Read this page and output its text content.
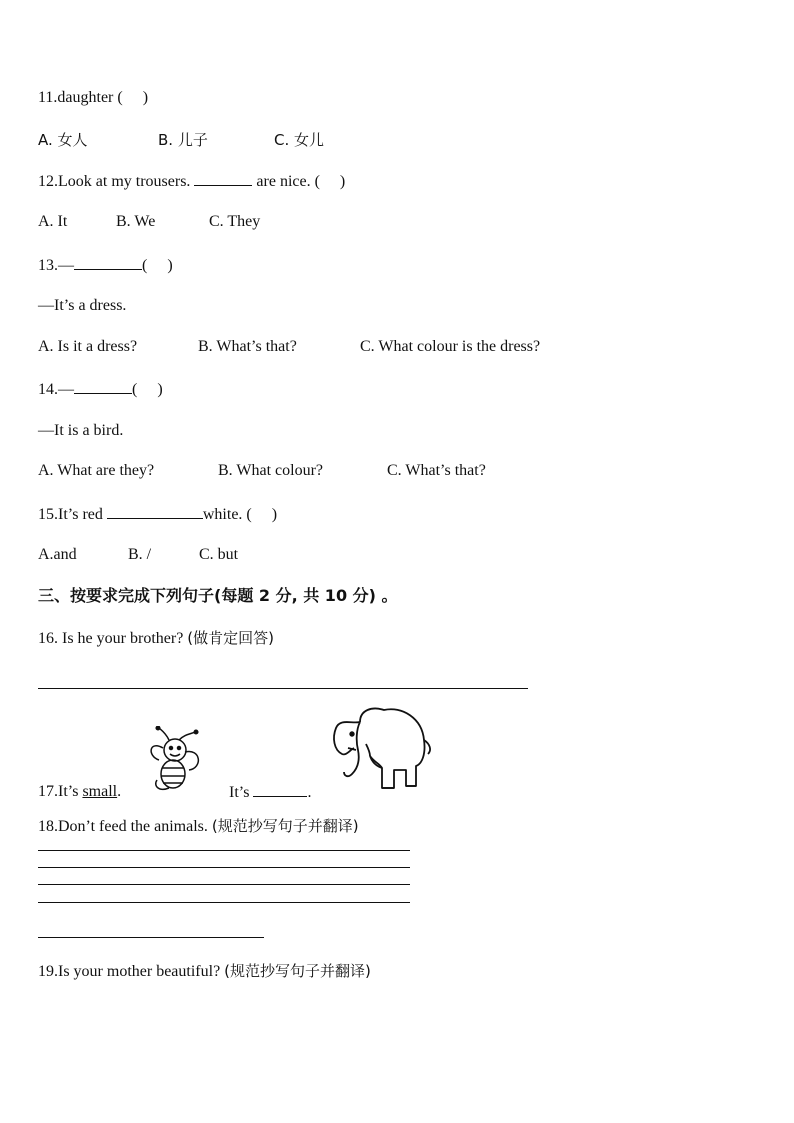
11.daughter (　 )
A. 女人	B. 儿子	C. 女儿
12.Look at my trousers.	are nice. (　 )
A. It	B. We	C. They
13.—	(　 )
—It’s a dress.
A. Is it a dress?	B. What’s that?	C. What colour is the dress?
14.—	(　 )
—It is a bird.
A. What are they?	B. What colour?	C. What’s that?
15.It’s red	white. (　 )
A.and	B. /	C. but
三、按要求完成下列句子(每题 2 分, 共 10 分) 。
16. Is he your brother? (做肯定回答)
17.It’s small.	It’s	.
18.Don’t feed the animals. (规范抄写句子并翻译)
19.Is your mother beautiful? (规范抄写句子并翻译)
